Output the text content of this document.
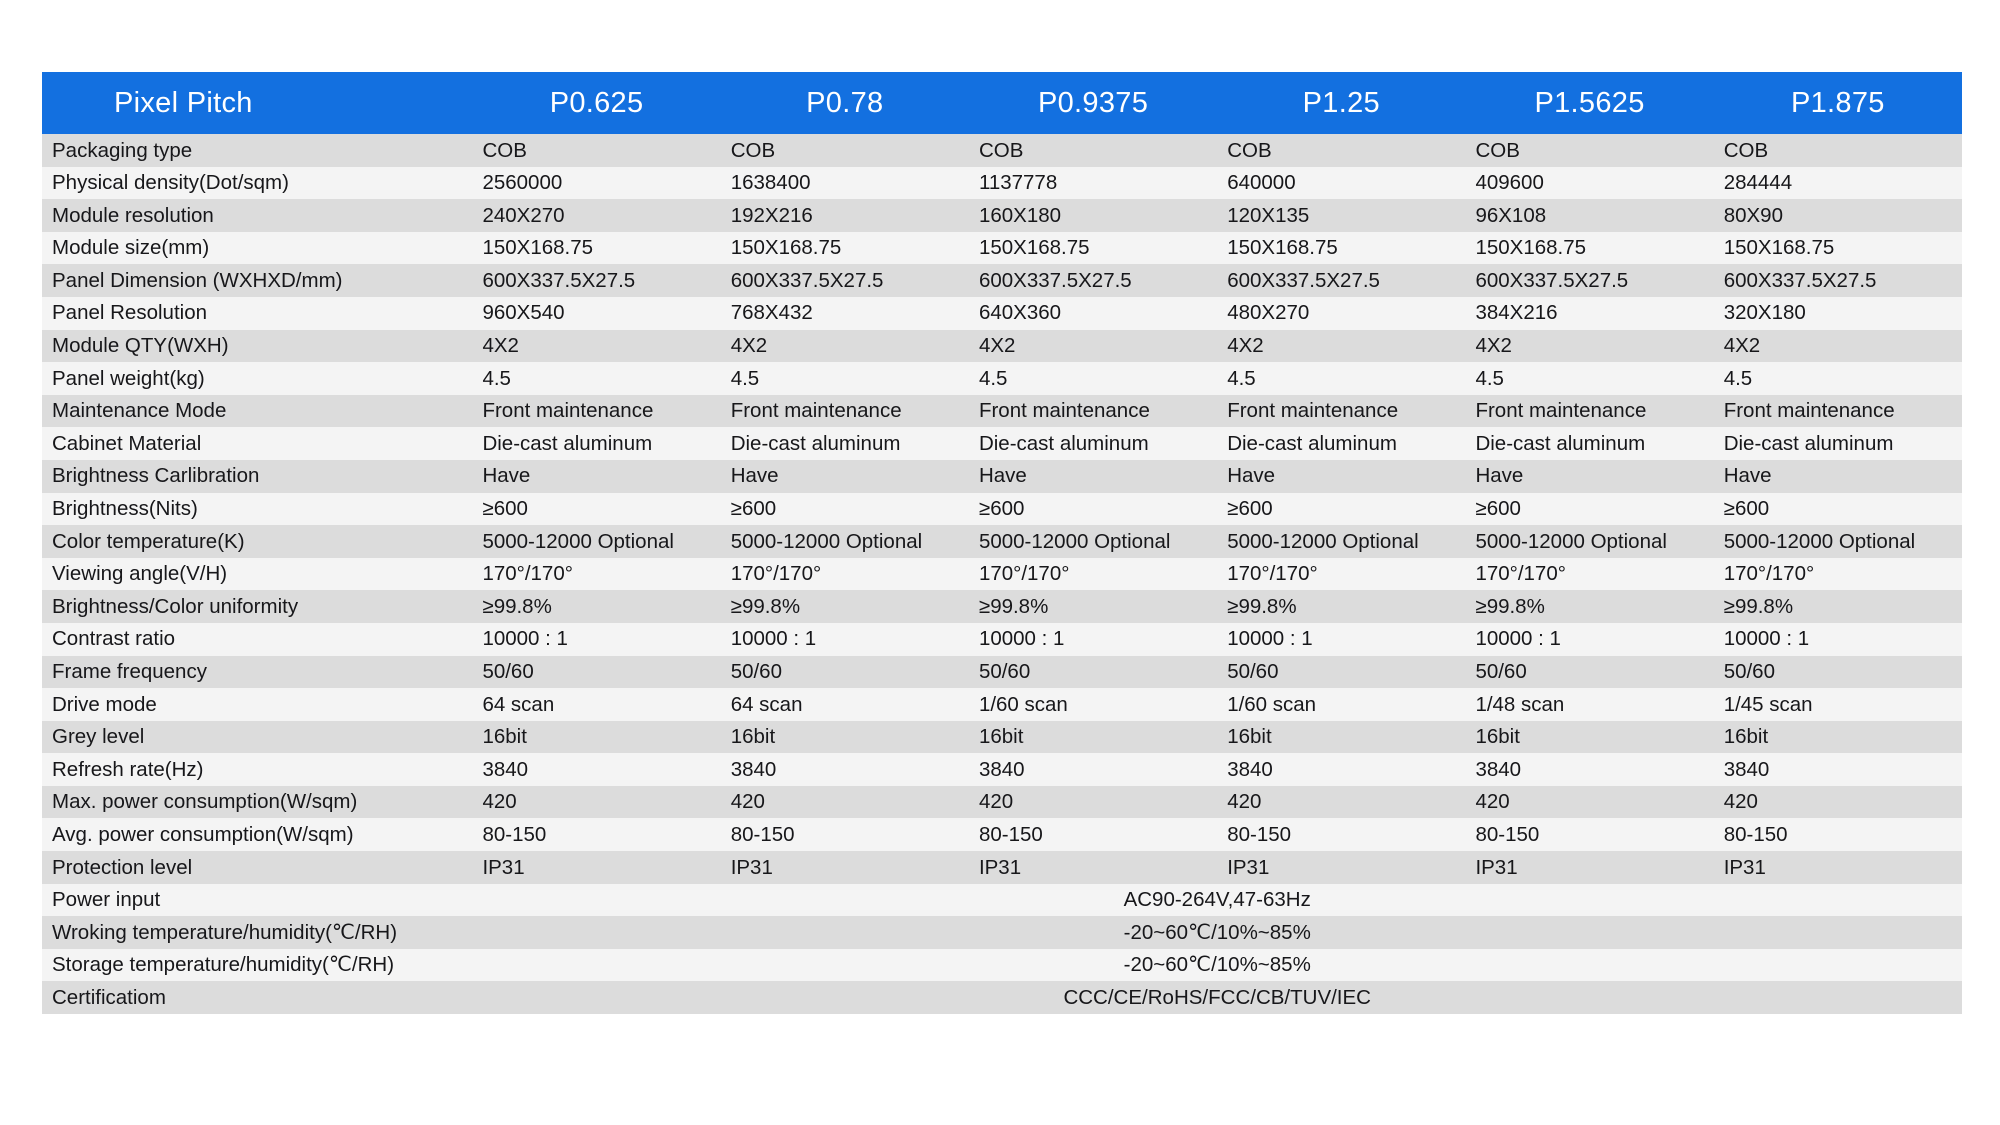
Pixel Pitch	P0.625	P0.78	P0.9375	P1.25	P1.5625	P1.875
Packaging type	COB	COB	COB	COB	COB	COB
Physical density(Dot/sqm)	2560000	1638400	1137778	640000	409600	284444
Module resolution	240X270	192X216	160X180	120X135	96X108	80X90
Module size(mm)	150X168.75	150X168.75	150X168.75	150X168.75	150X168.75	150X168.75
Panel Dimension (WXHXD/mm)	600X337.5X27.5	600X337.5X27.5	600X337.5X27.5	600X337.5X27.5	600X337.5X27.5	600X337.5X27.5
Panel Resolution	960X540	768X432	640X360	480X270	384X216	320X180
Module QTY(WXH)	4X2	4X2	4X2	4X2	4X2	4X2
Panel weight(kg)	4.5	4.5	4.5	4.5	4.5	4.5
Maintenance Mode	Front maintenance	Front maintenance	Front maintenance	Front maintenance	Front maintenance	Front maintenance
Cabinet Material	Die-cast aluminum	Die-cast aluminum	Die-cast aluminum	Die-cast aluminum	Die-cast aluminum	Die-cast aluminum
Brightness Carlibration	Have	Have	Have	Have	Have	Have
Brightness(Nits)	≥600	≥600	≥600	≥600	≥600	≥600
Color temperature(K)	5000-12000 Optional	5000-12000 Optional	5000-12000 Optional	5000-12000 Optional	5000-12000 Optional	5000-12000 Optional
Viewing angle(V/H)	170°/170°	170°/170°	170°/170°	170°/170°	170°/170°	170°/170°
Brightness/Color uniformity	≥99.8%	≥99.8%	≥99.8%	≥99.8%	≥99.8%	≥99.8%
Contrast ratio	10000 : 1	10000 : 1	10000 : 1	10000 : 1	10000 : 1	10000 : 1
Frame frequency	50/60	50/60	50/60	50/60	50/60	50/60
Drive mode	64 scan	64 scan	1/60 scan	1/60 scan	1/48 scan	1/45 scan
Grey level	16bit	16bit	16bit	16bit	16bit	16bit
Refresh rate(Hz)	3840	3840	3840	3840	3840	3840
Max. power consumption(W/sqm)	420	420	420	420	420	420
Avg. power consumption(W/sqm)	80-150	80-150	80-150	80-150	80-150	80-150
Protection level	IP31	IP31	IP31	IP31	IP31	IP31
Power input	AC90-264V,47-63Hz					
Wroking temperature/humidity(℃/RH)	-20~60℃/10%~85%					
Storage temperature/humidity(℃/RH)	-20~60℃/10%~85%					
Certificatiom	CCC/CE/RoHS/FCC/CB/TUV/IEC					
